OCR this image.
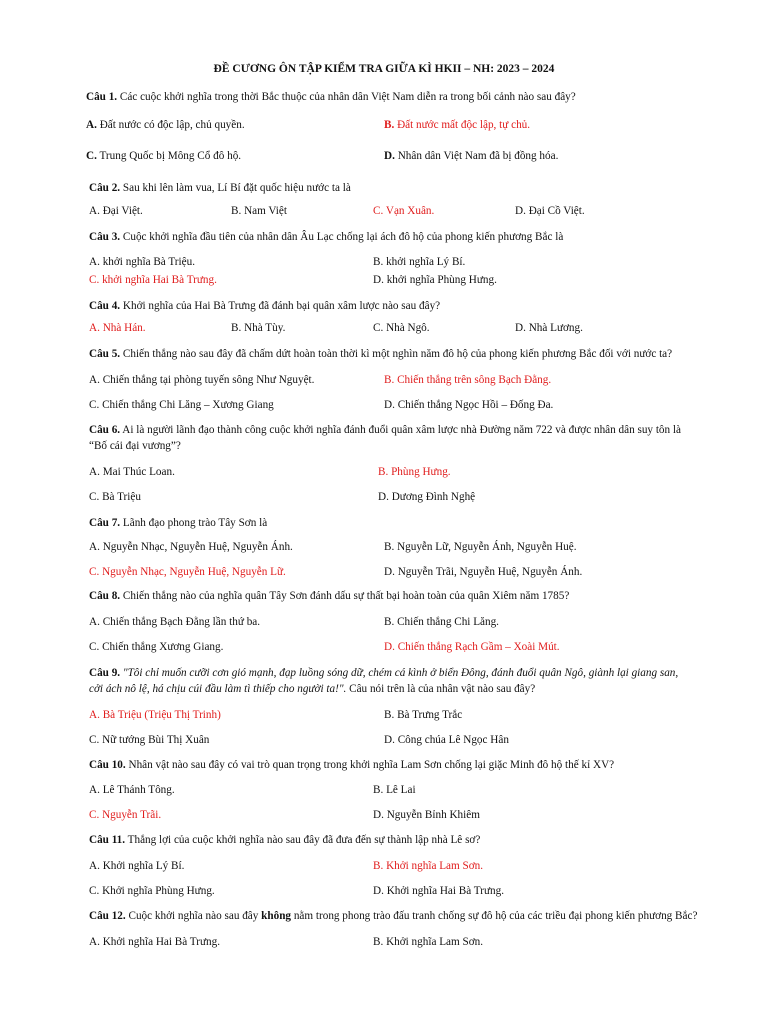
ĐỀ CƯƠNG ÔN TẬP KIỂM TRA GIỮA KÌ HKII – NH: 2023 – 2024
Câu 1. Các cuộc khởi nghĩa trong thời Bắc thuộc của nhân dân Việt Nam diễn ra trong bối cảnh nào sau đây?
A. Đất nước có độc lập, chủ quyền.	B. Đất nước mất độc lập, tự chủ.
C. Trung Quốc bị Mông Cổ đô hộ.	D. Nhân dân Việt Nam đã bị đồng hóa.
Câu 2. Sau khi lên làm vua, Lí Bí đặt quốc hiệu nước ta là
A. Đại Việt.	B. Nam Việt	C. Vạn Xuân.	D. Đại Cồ Việt.
Câu 3. Cuộc khởi nghĩa đầu tiên của nhân dân Âu Lạc chống lại ách đô hộ của phong kiến phương Bắc là
A. khởi nghĩa Bà Triệu.	B. khởi nghĩa Lý Bí.
C. khởi nghĩa Hai Bà Trưng.	D. khởi nghĩa Phùng Hưng.
Câu 4. Khởi nghĩa của Hai Bà Trưng đã đánh bại quân xâm lược nào sau đây?
A. Nhà Hán.	B. Nhà Tùy.	C. Nhà Ngô.	D. Nhà Lương.
Câu 5. Chiến thắng nào sau đây đã chấm dứt hoàn toàn thời kì một nghìn năm đô hộ của phong kiến phương Bắc đối với nước ta?
A. Chiến thắng tại phòng tuyến sông Như Nguyệt.	B. Chiến thắng trên sông Bạch Đằng.
C. Chiến thắng Chi Lăng – Xương Giang	D. Chiến thắng Ngọc Hồi – Đống Đa.
Câu 6. Ai là người lãnh đạo thành công cuộc khởi nghĩa đánh đuổi quân xâm lược nhà Đường năm 722 và được nhân dân suy tôn là “Bố cái đại vương”?
A. Mai Thúc Loan.	B. Phùng Hưng.
C. Bà Triệu	D. Dương Đình Nghệ
Câu 7. Lãnh đạo phong trào Tây Sơn là
A. Nguyễn Nhạc, Nguyễn Huệ, Nguyễn Ánh.	B. Nguyễn Lữ, Nguyễn Ánh, Nguyễn Huệ.
C. Nguyễn Nhạc, Nguyễn Huệ, Nguyễn Lữ.	D. Nguyễn Trãi, Nguyễn Huệ, Nguyễn Ánh.
Câu 8. Chiến thắng nào của nghĩa quân Tây Sơn đánh dấu sự thất bại hoàn toàn của quân Xiêm năm 1785?
A. Chiến thắng Bạch Đằng lần thứ ba.	B. Chiến thắng Chi Lăng.
C. Chiến thắng Xương Giang.	D. Chiến thắng Rạch Gầm – Xoài Mút.
Câu 9. "Tôi chỉ muốn cưỡi cơn gió mạnh, đạp luồng sóng dữ, chém cá kình ở biển Đông, đánh đuổi quân Ngô, giành lại giang san, cởi ách nô lệ, há chịu cúi đầu làm tì thiếp cho người ta!". Câu nói trên là của nhân vật nào sau đây?
A. Bà Triệu (Triệu Thị Trinh)	B. Bà Trưng Trắc
C. Nữ tướng Bùi Thị Xuân	D. Công chúa Lê Ngọc Hân
Câu 10. Nhân vật nào sau đây có vai trò quan trọng trong khởi nghĩa Lam Sơn chống lại giặc Minh đô hộ thế kỉ XV?
A. Lê Thánh Tông.	B. Lê Lai
C. Nguyễn Trãi.	D. Nguyễn Bỉnh Khiêm
Câu 11. Thắng lợi của cuộc khởi nghĩa nào sau đây đã đưa đến sự thành lập nhà Lê sơ?
A. Khởi nghĩa Lý Bí.	B. Khởi nghĩa Lam Sơn.
C. Khởi nghĩa Phùng Hưng.	D. Khởi nghĩa Hai Bà Trưng.
Câu 12. Cuộc khởi nghĩa nào sau đây không nằm trong phong trào đấu tranh chống sự đô hộ của các triều đại phong kiến phương Bắc?
A. Khởi nghĩa Hai Bà Trưng.	B. Khởi nghĩa Lam Sơn.
